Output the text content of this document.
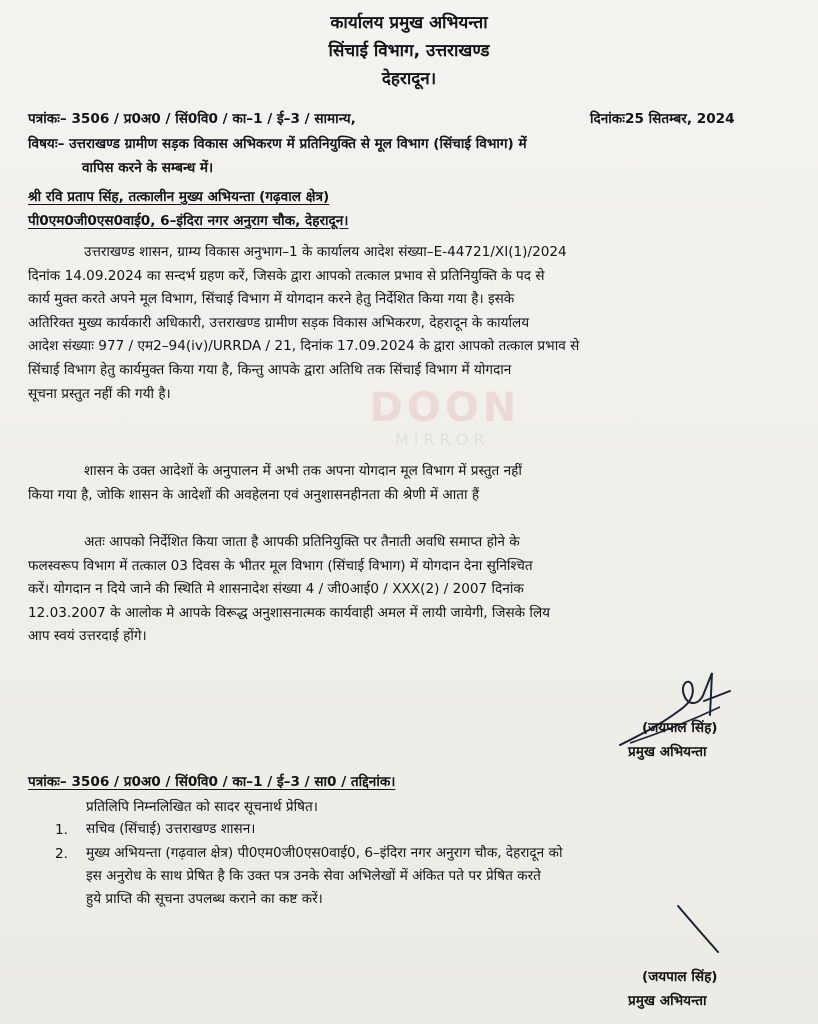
DOON
MIRROR
कार्यालय प्रमुख अभियन्ता
सिंचाई विभाग, उत्तराखण्ड
देहरादून।
पत्रांकः– 3506 / प्र0अ0 / सिं0वि0 / का–1 / ई–3 / सामान्य,	दिनांकः25 सितम्बर, 2024
विषयः– उत्तराखण्ड ग्रामीण सड़क विकास अभिकरण में प्रतिनियुक्ति से मूल विभाग (सिंचाई विभाग) में
वापिस करने के सम्बन्ध में।
श्री रवि प्रताप सिंह, तत्कालीन मुख्य अभियन्ता (गढ़वाल क्षेत्र)
पी0एम0जी0एस0वाई0, 6–इंदिरा नगर अनुराग चौक, देहरादून।
उत्तराखण्ड शासन, ग्राम्य विकास अनुभाग–1 के कार्यालय आदेश संख्या–E-44721/XI(1)/2024
दिनांक 14.09.2024 का सन्दर्भ ग्रहण करें, जिसके द्वारा आपको तत्काल प्रभाव से प्रतिनियुक्ति के पद से
कार्य मुक्त करते अपने मूल विभाग, सिंचाई विभाग में योगदान करने हेतु निर्देशित किया गया है। इसके
अतिरिक्त मुख्य कार्यकारी अधिकारी, उत्तराखण्ड ग्रामीण सड़क विकास अभिकरण, देहरादून के कार्यालय
आदेश संख्याः 977 / एम2–94(iv)/URRDA / 21, दिनांक 17.09.2024 के द्वारा आपको तत्काल प्रभाव से
सिंचाई विभाग हेतु कार्यमुक्त किया गया है, किन्तु आपके द्वारा अतिथि तक सिंचाई विभाग में योगदान
सूचना प्रस्तुत नहीं की गयी है।
शासन के उक्त आदेशों के अनुपालन में अभी तक अपना योगदान मूल विभाग में प्रस्तुत नहीं
किया गया है, जोकि शासन के आदेशों की अवहेलना एवं अनुशासनहीनता की श्रेणी में आता हैं
अतः आपको निर्देशित किया जाता है आपकी प्रतिनियुक्ति पर तैनाती अवधि समाप्त होने के
फलस्वरूप विभाग में तत्काल 03 दिवस के भीतर मूल विभाग (सिंचाई विभाग) में योगदान देना सुनिश्चित
करें। योगदान न दिये जाने की स्थिति मे शासनादेश संख्या 4 / जी0आई0 / XXX(2) / 2007 दिनांक
12.03.2007 के आलोक मे आपके विरूद्ध अनुशासनात्मक कार्यवाही अमल में लायी जायेगी, जिसके लिय
आप स्वयं उत्तरदाई होंगे।
(जयपाल सिंह)
प्रमुख अभियन्ता
पत्रांकः– 3506 / प्र0अ0 / सिं0वि0 / का–1 / ई–3 / सा0 / तद्दिनांक।
प्रतिलिपि निम्नलिखित को सादर सूचनार्थ प्रेषित।
1. सचिव (सिंचाई) उत्तराखण्ड शासन।
2. मुख्य अभियन्ता (गढ़वाल क्षेत्र) पी0एम0जी0एस0वाई0, 6–इंदिरा नगर अनुराग चौक, देहरादून को
इस अनुरोध के साथ प्रेषित है कि उक्त पत्र उनके सेवा अभिलेखों में अंकित पते पर प्रेषित करते
हुये प्राप्ति की सूचना उपलब्ध कराने का कष्ट करें।
(जयपाल सिंह)
प्रमुख अभियन्ता
